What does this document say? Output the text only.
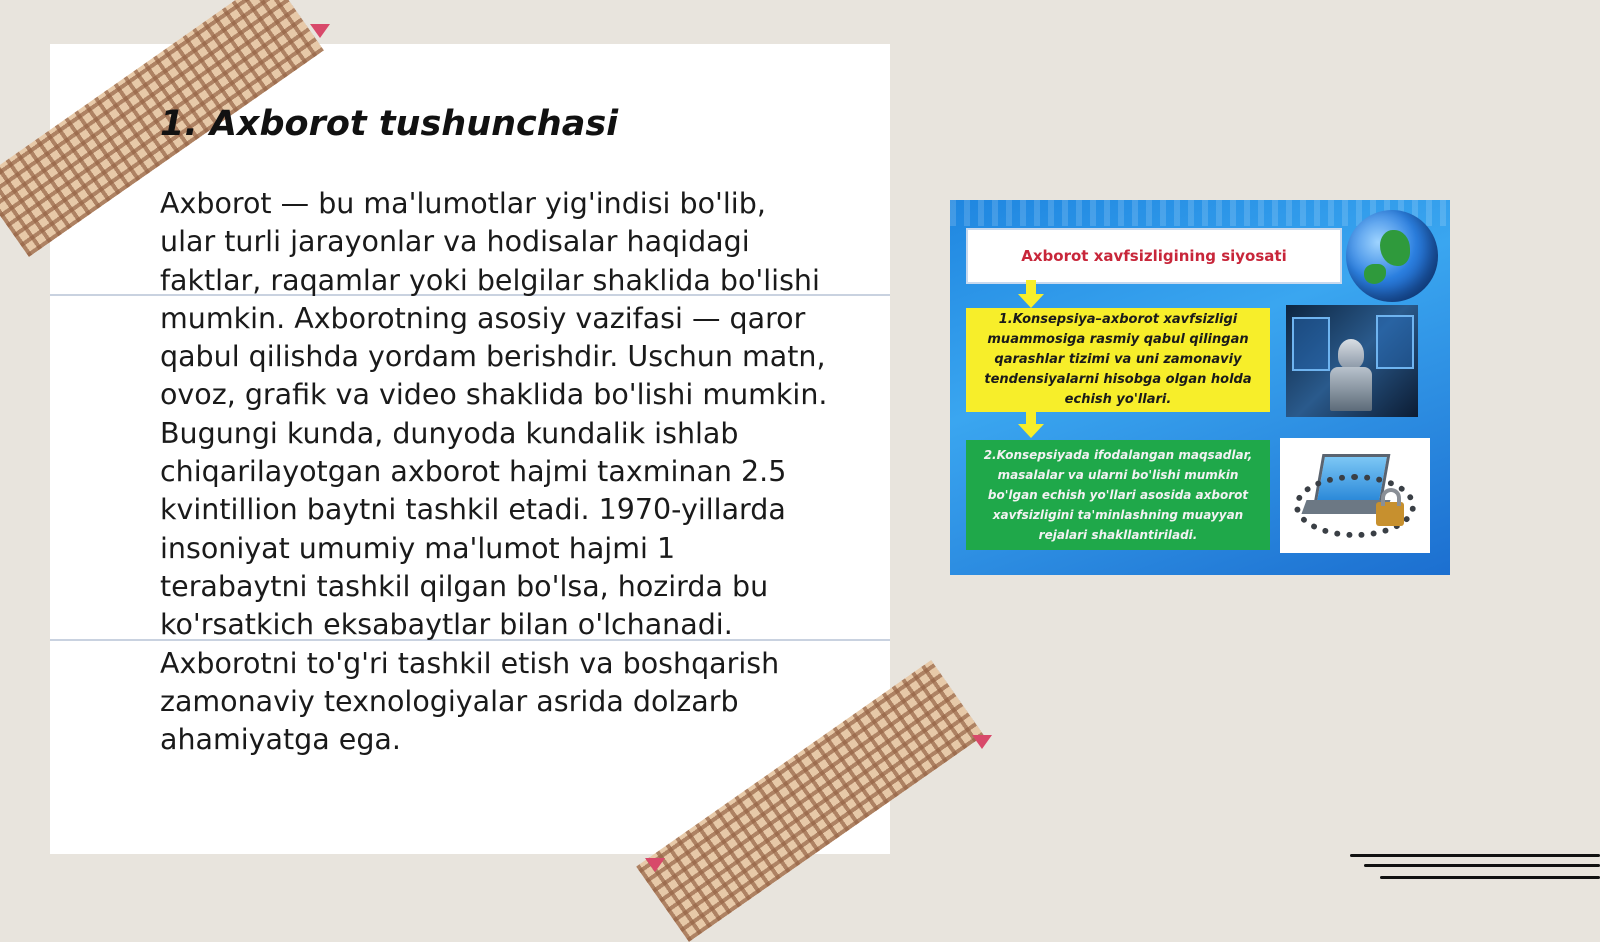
1. Axborot tushunchasi

Axborot — bu ma'lumotlar yig'indisi bo'lib, ular turli jarayonlar va hodisalar haqidagi faktlar, raqamlar yoki belgilar shaklida bo'lishi mumkin. Axborotning asosiy vazifasi — qaror qabul qilishda yordam berishdir. Uschun matn, ovoz, grafik va video shaklida bo'lishi mumkin. Bugungi kunda, dunyoda kundalik ishlab chiqarilayotgan axborot hajmi taxminan 2.5 kvintillion baytni tashkil etadi. 1970-yillarda insoniyat umumiy ma'lumot hajmi 1 terabaytni tashkil qilgan bo'lsa, hozirda bu ko'rsatkich eksabaytlar bilan o'lchanadi. Axborotni to'g'ri tashkil etish va boshqarish zamonaviy texnologiyalar asrida dolzarb ahamiyatga ega.

Axborot xavfsizligining siyosati
1.Konsepsiya–axborot xavfsizligi muammosiga rasmiy qabul qilingan qarashlar tizimi va uni zamonaviy tendensiyalarni hisobga olgan holda echish yo'llari.
2.Konsepsiyada ifodalangan maqsadlar, masalalar va ularni bo'lishi mumkin bo'lgan echish yo'llari asosida axborot xavfsizligini ta'minlashning muayyan rejalari shakllantiriladi.
